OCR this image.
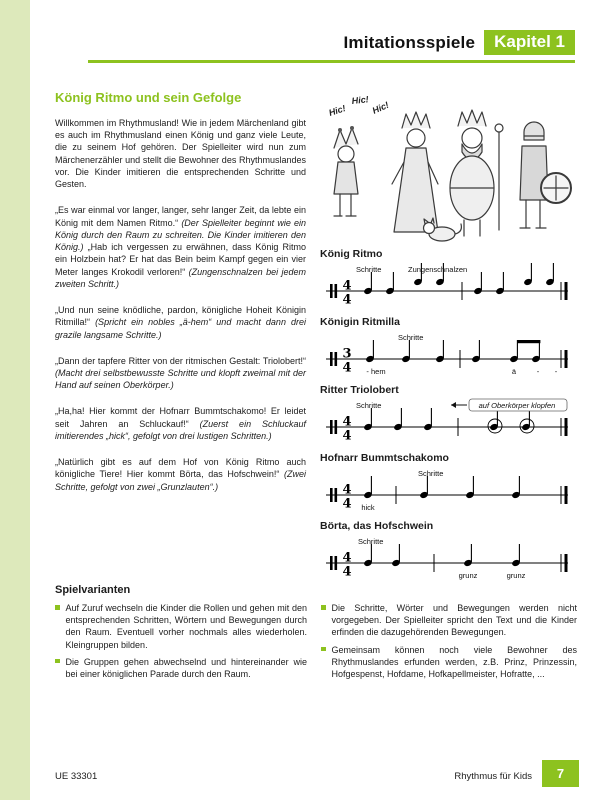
Imitationsspiele	Kapitel 1
König Ritmo und sein Gefolge

Willkommen im Rhythmusland! Wie in jedem Märchenland gibt es auch im Rhythmusland einen König und ganz viele Leute, die zu seinem Hof gehören. Der Spielleiter wird nun zum Märchenerzähler und stellt die Bewohner des Rhythmuslandes vor. Die Kinder imitieren die entsprechenden Schritte und Gesten.

„Es war einmal vor langer, langer, sehr langer Zeit, da lebte ein König mit dem Namen Ritmo.“ (Der Spielleiter beginnt wie ein König durch den Raum zu schreiten. Die Kinder imitieren den König.) „Hab ich vergessen zu erwähnen, dass König Ritmo ein Holzbein hat? Er hat das Bein beim Kampf gegen ein vier Meter langes Krokodil verloren!“ (Zungenschnalzen bei jedem zweiten Schritt.)

„Und nun seine knödliche, pardon, königliche Hoheit Königin Ritmilla!“ (Spricht ein nobles „ä-hem“ und macht dann drei grazile langsame Schritte.)

„Dann der tapfere Ritter von der ritmischen Gestalt: Triolobert!“ (Macht drei selbstbewusste Schritte und klopft zweimal mit der Hand auf seinen Oberkörper.)

„Ha,ha! Hier kommt der Hofnarr Bummtschakomo! Er leidet seit Jahren an Schluckauf!“ (Zuerst ein Schluckauf imitierendes „hick“, gefolgt von drei lustigen Schritten.)

„Natürlich gibt es auf dem Hof von König Ritmo auch königliche Tiere! Hier kommt Börta, das Hofschwein!“ (Zwei Schritte, gefolgt von zwei „Grunzlauten“.)

Hic!
Hic! Hic!
König Ritmo
4
4
Schritte	Zungenschnalzen
Königin Ritmilla
3
4
Schritte
- hem	ä	- -
Ritter Triolobert
4
4
Schritte	auf Oberkörper klopfen
Hofnarr Bummtschakomo
4
4
Schritte
hick
Börta, das Hofschwein
4
4
Schritte
grunz	grunz
Spielvarianten
Auf Zuruf wechseln die Kinder die Rollen und gehen mit den entsprechenden Schritten, Wörtern und Bewegungen durch den Raum. Eventuell vorher nochmals alles wiederholen. Kleingruppen bilden.
Die Gruppen gehen abwechselnd und hintereinander wie bei einer königlichen Parade durch den Raum.
Die Schritte, Wörter und Bewegungen werden nicht vorgegeben. Der Spielleiter spricht den Text und die Kinder erfinden die dazugehörenden Bewegungen.
Gemeinsam können noch viele Bewohner des Rhythmuslandes erfunden werden, z.B. Prinz, Prinzessin, Hofgespenst, Hofdame, Hofkapellmeister, Hofratte, ...
UE 33301	Rhythmus für Kids	7
